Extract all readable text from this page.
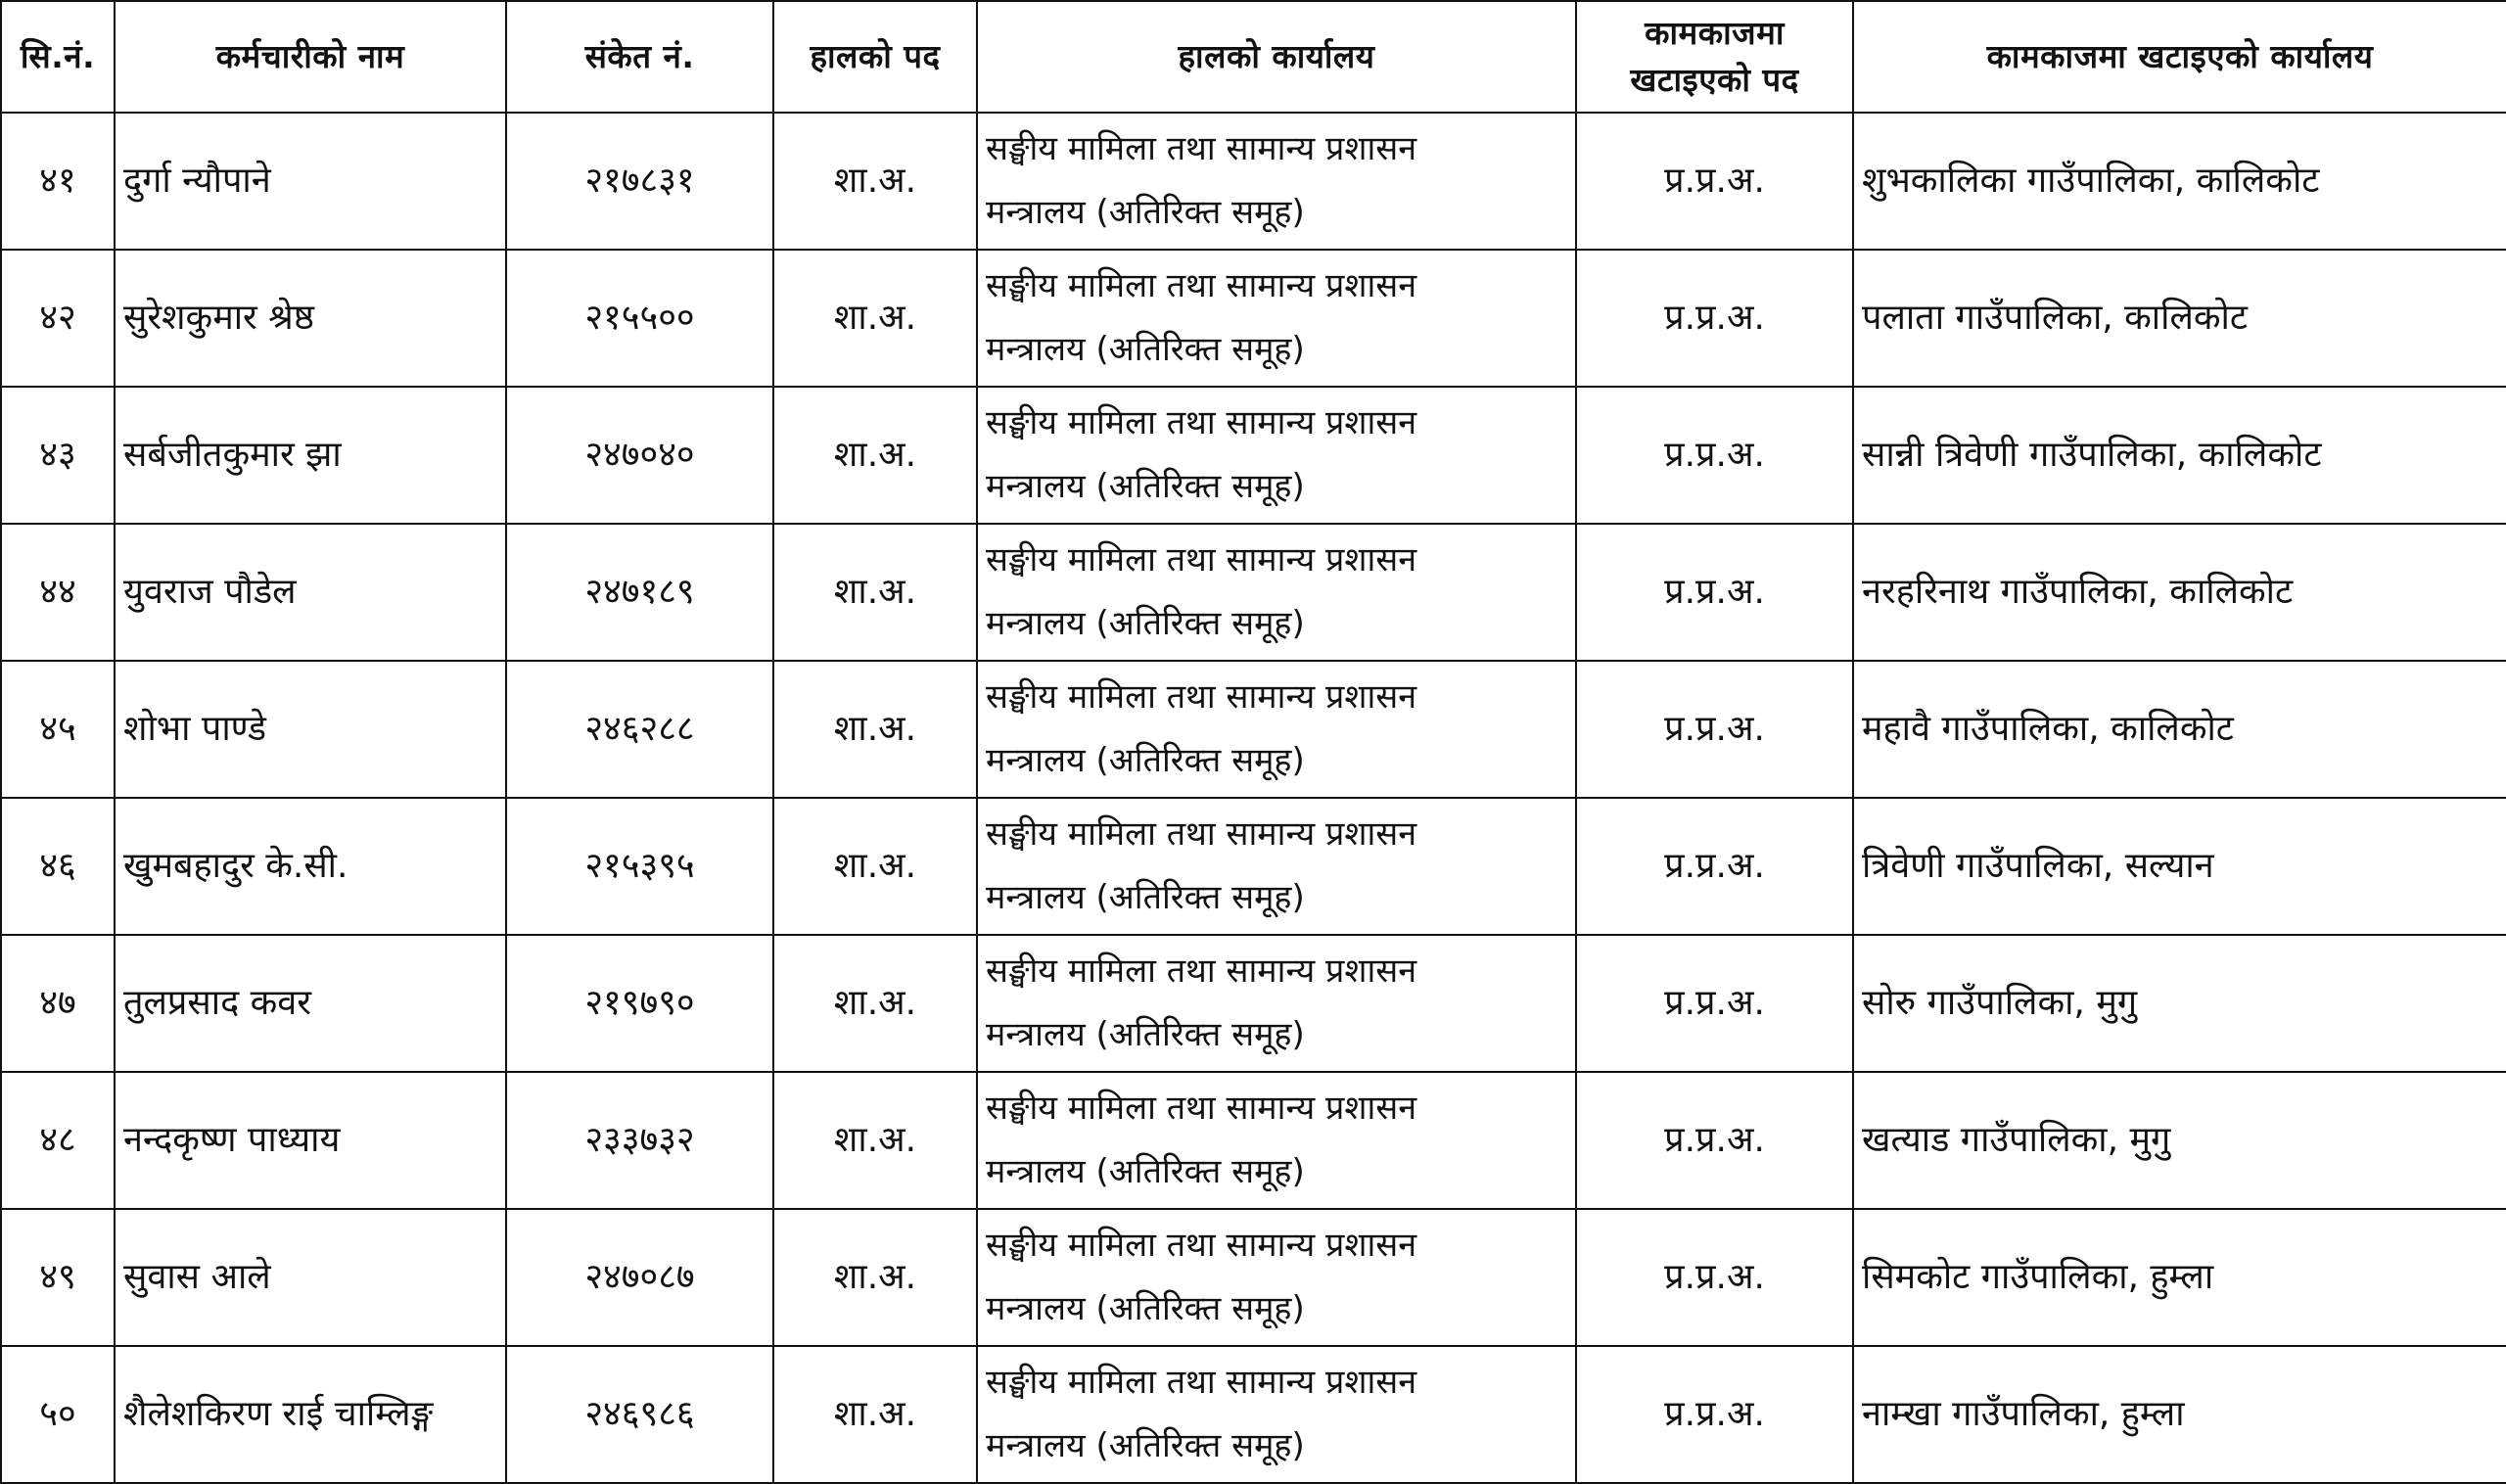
सि.नं.	कर्मचारीको नाम	संकेत नं.	हालको पद	हालको कार्यालय	कामकाजमा
खटाइएको पद	कामकाजमा खटाइएको कार्यालय
४१	दुर्गा न्यौपाने	२१७८३१	शा.अ.	सङ्घीय मामिला तथा सामान्य प्रशासन
मन्त्रालय (अतिरिक्त समूह)	प्र.प्र.अ.	शुभकालिका गाउँपालिका, कालिकोट
४२	सुरेशकुमार श्रेष्ठ	२१५५००	शा.अ.	सङ्घीय मामिला तथा सामान्य प्रशासन
मन्त्रालय (अतिरिक्त समूह)	प्र.प्र.अ.	पलाता गाउँपालिका, कालिकोट
४३	सर्बजीतकुमार झा	२४७०४०	शा.अ.	सङ्घीय मामिला तथा सामान्य प्रशासन
मन्त्रालय (अतिरिक्त समूह)	प्र.प्र.अ.	सान्नी त्रिवेणी गाउँपालिका, कालिकोट
४४	युवराज पौडेल	२४७१८९	शा.अ.	सङ्घीय मामिला तथा सामान्य प्रशासन
मन्त्रालय (अतिरिक्त समूह)	प्र.प्र.अ.	नरहरिनाथ गाउँपालिका, कालिकोट
४५	शोभा पाण्डे	२४६२८८	शा.अ.	सङ्घीय मामिला तथा सामान्य प्रशासन
मन्त्रालय (अतिरिक्त समूह)	प्र.प्र.अ.	महावै गाउँपालिका, कालिकोट
४६	खुमबहादुर के.सी.	२१५३९५	शा.अ.	सङ्घीय मामिला तथा सामान्य प्रशासन
मन्त्रालय (अतिरिक्त समूह)	प्र.प्र.अ.	त्रिवेणी गाउँपालिका, सल्यान
४७	तुलप्रसाद कवर	२१९७९०	शा.अ.	सङ्घीय मामिला तथा सामान्य प्रशासन
मन्त्रालय (अतिरिक्त समूह)	प्र.प्र.अ.	सोरु गाउँपालिका, मुगु
४८	नन्दकृष्ण पाध्याय	२३३७३२	शा.अ.	सङ्घीय मामिला तथा सामान्य प्रशासन
मन्त्रालय (अतिरिक्त समूह)	प्र.प्र.अ.	खत्याड गाउँपालिका, मुगु
४९	सुवास आले	२४७०८७	शा.अ.	सङ्घीय मामिला तथा सामान्य प्रशासन
मन्त्रालय (अतिरिक्त समूह)	प्र.प्र.अ.	सिमकोट गाउँपालिका, हुम्ला
५०	शैलेशकिरण राई चाम्लिङ्ग	२४६९८६	शा.अ.	सङ्घीय मामिला तथा सामान्य प्रशासन
मन्त्रालय (अतिरिक्त समूह)	प्र.प्र.अ.	नाम्खा गाउँपालिका, हुम्ला
